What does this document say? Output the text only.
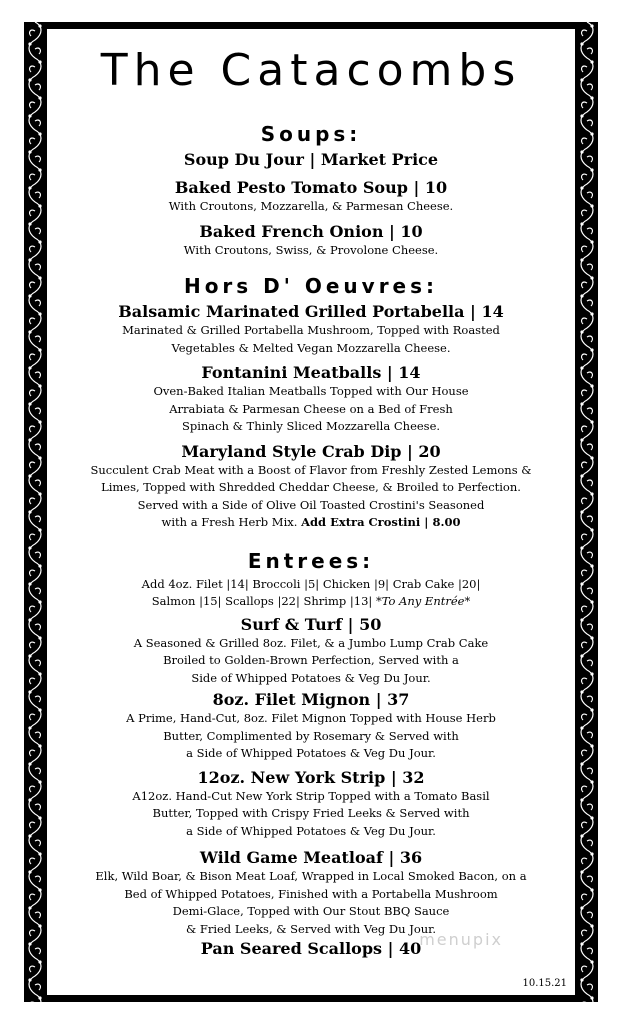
The Catacombs

Soups:

Soup Du Jour | Market Price

Baked Pesto Tomato Soup | 10

With Croutons, Mozzarella, & Parmesan Cheese.

Baked French Onion | 10

With Croutons, Swiss, & Provolone Cheese.

Hors D' Oeuvres:

Balsamic Marinated Grilled Portabella | 14

Marinated & Grilled Portabella Mushroom, Topped with Roasted

Vegetables & Melted Vegan Mozzarella Cheese.

Fontanini Meatballs | 14

Oven-Baked Italian Meatballs Topped with Our House

Arrabiata & Parmesan Cheese on a Bed of Fresh

Spinach & Thinly Sliced Mozzarella Cheese.

Maryland Style Crab Dip | 20

Succulent Crab Meat with a Boost of Flavor from Freshly Zested Lemons &

Limes, Topped with Shredded Cheddar Cheese, & Broiled to Perfection.

Served with a Side of Olive Oil Toasted Crostini's Seasoned

with a Fresh Herb Mix. Add Extra Crostini | 8.00

Entrees:

Add 4oz. Filet |14| Broccoli |5| Chicken |9| Crab Cake |20|

Salmon |15| Scallops |22| Shrimp |13| *To Any Entrée*

Surf & Turf | 50

A Seasoned & Grilled 8oz. Filet, & a Jumbo Lump Crab Cake

Broiled to Golden-Brown Perfection, Served with a

Side of Whipped Potatoes & Veg Du Jour.

8oz. Filet Mignon | 37

A Prime, Hand-Cut, 8oz. Filet Mignon Topped with House Herb

Butter, Complimented by Rosemary & Served with

a Side of Whipped Potatoes & Veg Du Jour.

12oz. New York Strip | 32

A12oz. Hand-Cut New York Strip Topped with a Tomato Basil

Butter, Topped with Crispy Fried Leeks & Served with

a Side of Whipped Potatoes & Veg Du Jour.

Wild Game Meatloaf | 36

Elk, Wild Boar, & Bison Meat Loaf, Wrapped in Local Smoked Bacon, on a

Bed of Whipped Potatoes, Finished with a Portabella Mushroom

Demi-Glace, Topped with Our Stout BBQ Sauce

& Fried Leeks, & Served with Veg Du Jour.

Pan Seared Scallops | 40

menupix
10.15.21
